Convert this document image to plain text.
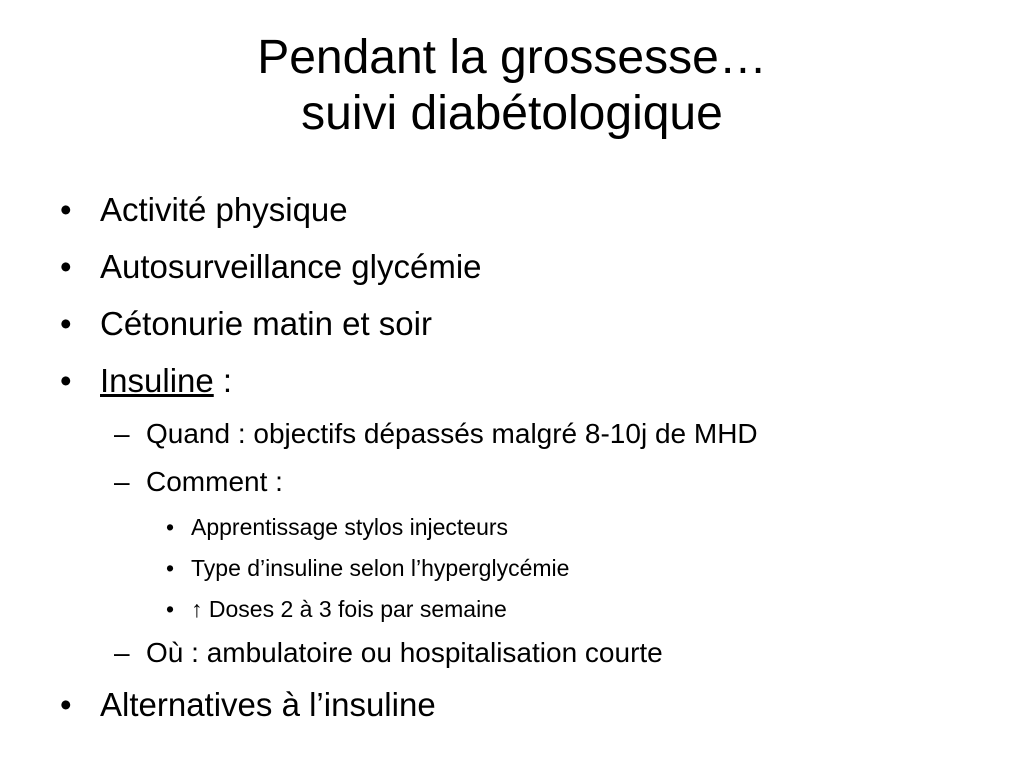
Pendant la grossesse…
suivi diabétologique
• Activité physique
• Autosurveillance glycémie
• Cétonurie matin et soir
• Insuline :
– Quand : objectifs dépassés malgré 8-10j de MHD
– Comment :
• Apprentissage stylos injecteurs
• Type d’insuline selon l’hyperglycémie
• ↑ Doses 2 à 3 fois par semaine
– Où : ambulatoire ou hospitalisation courte
• Alternatives à l’insuline
